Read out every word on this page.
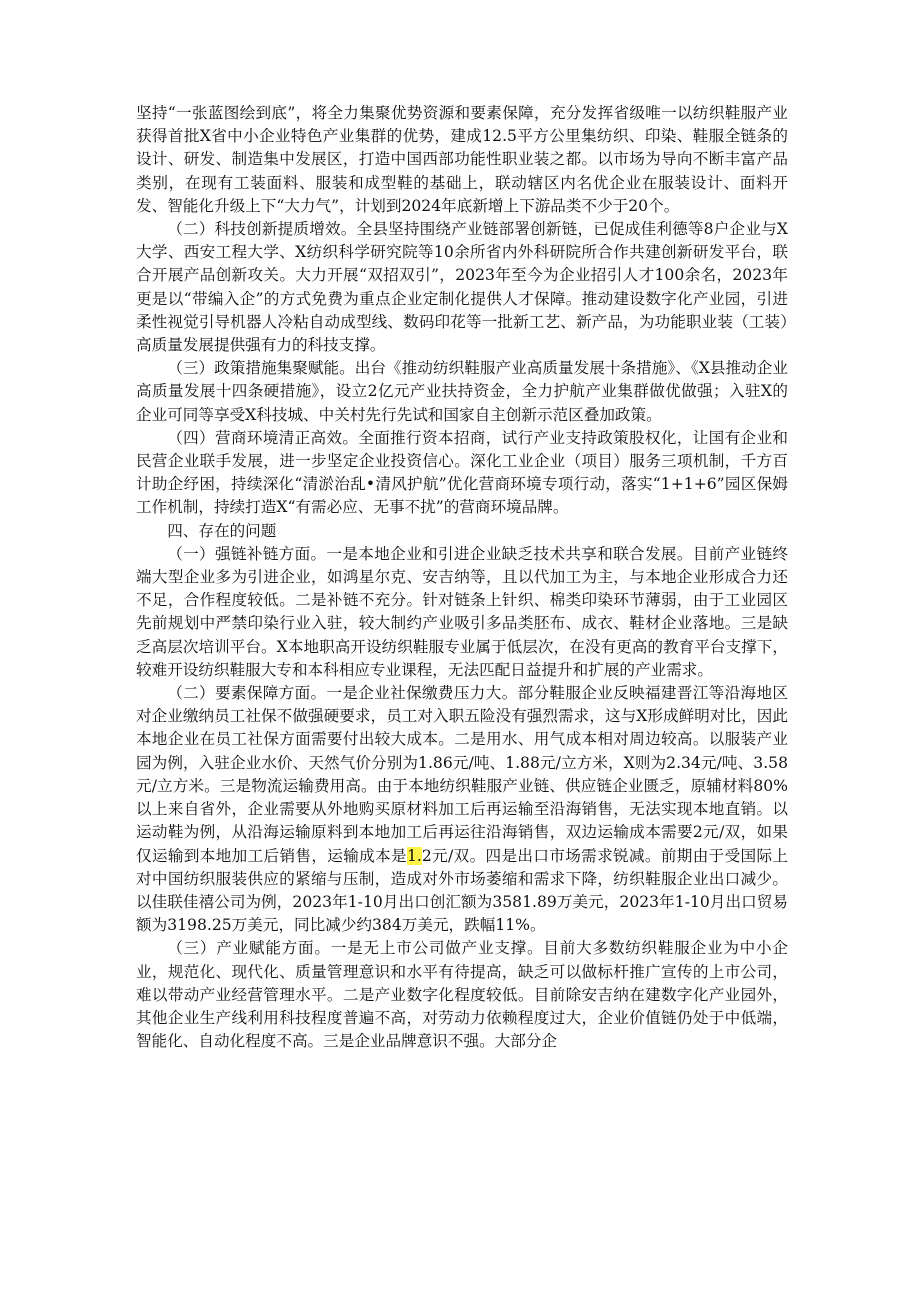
坚持“一张蓝图绘到底”，将全力集聚优势资源和要素保障，充分发挥省级唯一以纺织鞋服产业获得首批X省中小企业特色产业集群的优势，建成12.5平方公里集纺织、印染、鞋服全链条的设计、研发、制造集中发展区，打造中国西部功能性职业装之都。以市场为导向不断丰富产品类别，在现有工装面料、服装和成型鞋的基础上，联动辖区内名优企业在服装设计、面料开发、智能化升级上下“大力气”，计划到2024年底新增上下游品类不少于20个。

（二）科技创新提质增效。全县坚持围绕产业链部署创新链，已促成佳利德等8户企业与X大学、西安工程大学、X纺织科学研究院等10余所省内外科研院所合作共建创新研发平台，联合开展产品创新攻关。大力开展“双招双引”，2023年至今为企业招引人才100余名，2023年更是以“带编入企”的方式免费为重点企业定制化提供人才保障。推动建设数字化产业园，引进柔性视觉引导机器人冷粘自动成型线、数码印花等一批新工艺、新产品，为功能职业装（工装）高质量发展提供强有力的科技支撑。

（三）政策措施集聚赋能。出台《推动纺织鞋服产业高质量发展十条措施》、《X县推动企业高质量发展十四条硬措施》，设立2亿元产业扶持资金，全力护航产业集群做优做强；入驻X的企业可同等享受X科技城、中关村先行先试和国家自主创新示范区叠加政策。

（四）营商环境清正高效。全面推行资本招商，试行产业支持政策股权化，让国有企业和民营企业联手发展，进一步坚定企业投资信心。深化工业企业（项目）服务三项机制，千方百计助企纾困，持续深化“清淤治乱•清风护航”优化营商环境专项行动，落实“1+1+6”园区保姆工作机制，持续打造X“有需必应、无事不扰”的营商环境品牌。

四、存在的问题

（一）强链补链方面。一是本地企业和引进企业缺乏技术共享和联合发展。目前产业链终端大型企业多为引进企业，如鸿星尔克、安吉纳等，且以代加工为主，与本地企业形成合力还不足，合作程度较低。二是补链不充分。针对链条上针织、棉类印染环节薄弱，由于工业园区先前规划中严禁印染行业入驻，较大制约产业吸引多品类胚布、成衣、鞋材企业落地。三是缺乏高层次培训平台。X本地职高开设纺织鞋服专业属于低层次，在没有更高的教育平台支撑下，较难开设纺织鞋服大专和本科相应专业课程，无法匹配日益提升和扩展的产业需求。

（二）要素保障方面。一是企业社保缴费压力大。部分鞋服企业反映福建晋江等沿海地区对企业缴纳员工社保不做强硬要求，员工对入职五险没有强烈需求，这与X形成鲜明对比，因此本地企业在员工社保方面需要付出较大成本。二是用水、用气成本相对周边较高。以服装产业园为例，入驻企业水价、天然气价分别为1.86元/吨、1.88元/立方米，X则为2.34元/吨、3.58元/立方米。三是物流运输费用高。由于本地纺织鞋服产业链、供应链企业匮乏，原辅材料80%以上来自省外，企业需要从外地购买原材料加工后再运输至沿海销售，无法实现本地直销。以运动鞋为例，从沿海运输原料到本地加工后再运往沿海销售，双边运输成本需要2元/双，如果仅运输到本地加工后销售，运输成本是1.2元/双。四是出口市场需求锐减。前期由于受国际上对中国纺织服装供应的紧缩与压制，造成对外市场萎缩和需求下降，纺织鞋服企业出口减少。以佳联佳禧公司为例，2023年1-10月出口创汇额为3581.89万美元，2023年1-10月出口贸易额为3198.25万美元，同比减少约384万美元，跌幅11%。

（三）产业赋能方面。一是无上市公司做产业支撑。目前大多数纺织鞋服企业为中小企业，规范化、现代化、质量管理意识和水平有待提高，缺乏可以做标杆推广宣传的上市公司，难以带动产业经营管理水平。二是产业数字化程度较低。目前除安吉纳在建数字化产业园外，其他企业生产线利用科技程度普遍不高，对劳动力依赖程度过大，企业价值链仍处于中低端，智能化、自动化程度不高。三是企业品牌意识不强。大部分企
